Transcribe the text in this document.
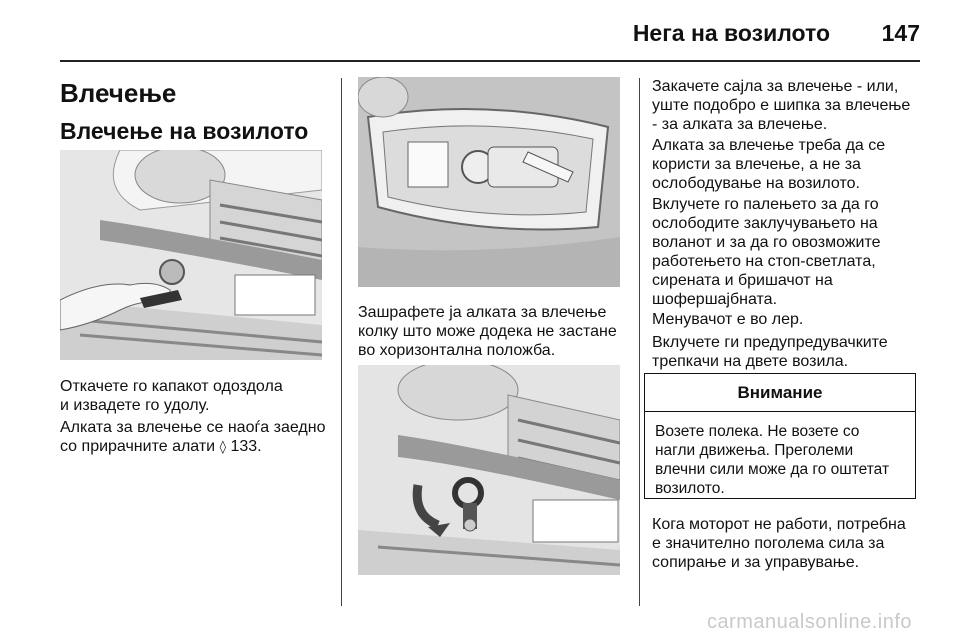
Нега на возилото 147
Влечење
Влечење на возилото
Откачете го капакот одоздола
и извадете го удолу.
Алката за влечење се наоѓа заедно
со прирачните алати ◊ 133.
Зашрафете ја алката за влечење
колку што може додека не застане
во хоризонтална положба.
Закачете сајла за влечење - или,
уште подобро е шипка за влечење
- за алката за влечење.
Алката за влечење треба да се
користи за влечење, а не за
ослободување на возилото.
Вклучете го палењето за да го
ослободите заклучувањето на
воланот и за да го овозможите
работењето на стоп-светлата,
сирената и бришачот на
шофершајбната.
Менувачот е во лер.
Вклучете ги предупредувачките
трепкачи на двете возила.
Внимание
Возете полека. Не возете со
нагли движења. Преголеми
влечни сили може да го оштетат
возилото.
Кога моторот не работи, потребна
е значително поголема сила за
сопирање и за управување.
carmanualsonline.info
